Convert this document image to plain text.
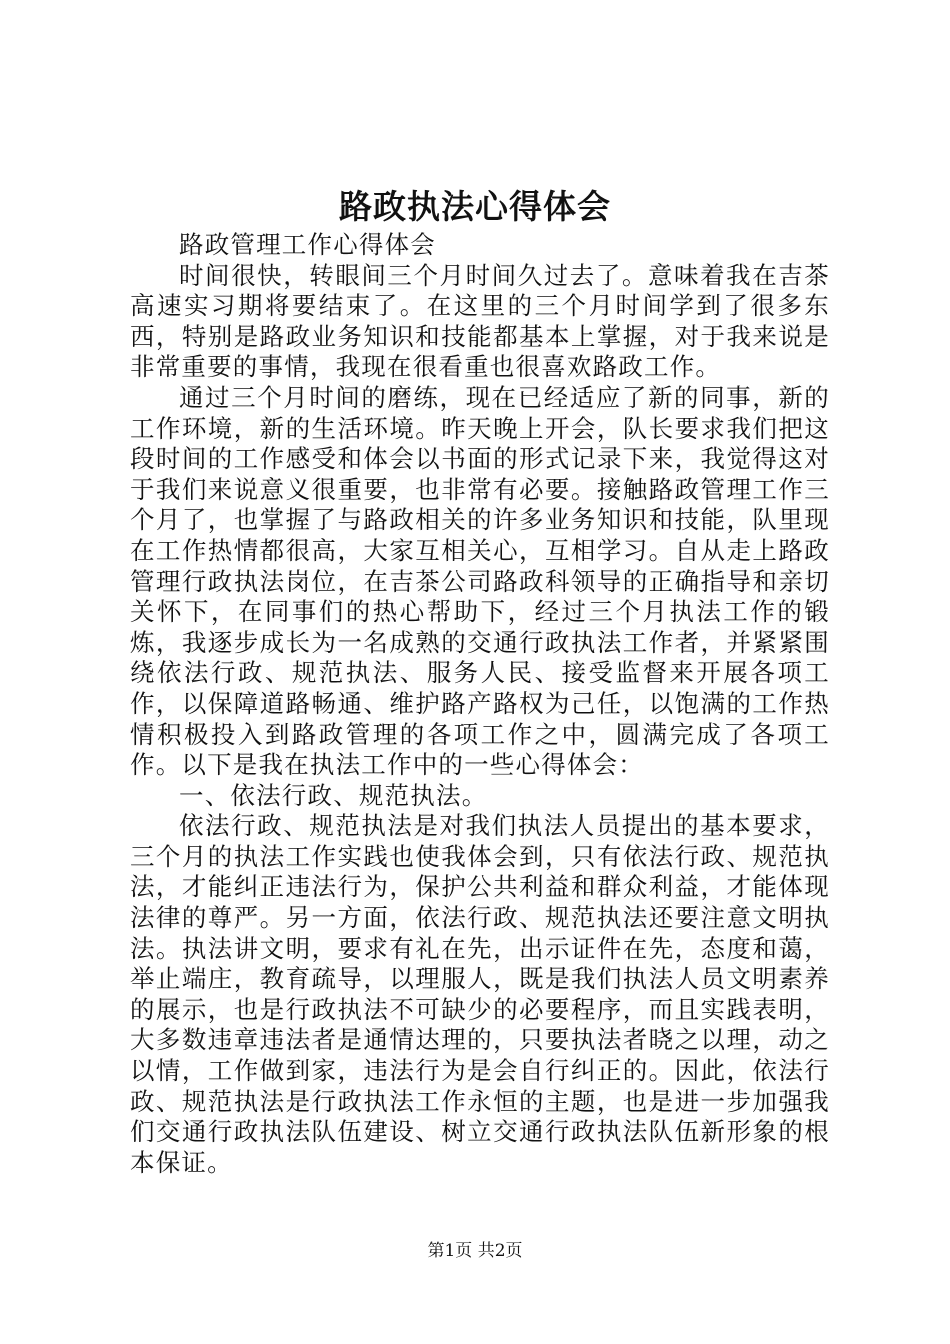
路政执法心得体会

路政管理工作心得体会

时间很快，转眼间三个月时间久过去了。意味着我在吉茶高速实习期将要结束了。在这里的三个月时间学到了很多东西，特别是路政业务知识和技能都基本上掌握，对于我来说是非常重要的事情，我现在很看重也很喜欢路政工作。

通过三个月时间的磨练，现在已经适应了新的同事，新的工作环境，新的生活环境。昨天晚上开会，队长要求我们把这段时间的工作感受和体会以书面的形式记录下来，我觉得这对于我们来说意义很重要，也非常有必要。接触路政管理工作三个月了，也掌握了与路政相关的许多业务知识和技能，队里现在工作热情都很高，大家互相关心，互相学习。自从走上路政管理行政执法岗位，在吉茶公司路政科领导的正确指导和亲切关怀下，在同事们的热心帮助下，经过三个月执法工作的锻炼，我逐步成长为一名成熟的交通行政执法工作者，并紧紧围绕依法行政、规范执法、服务人民、接受监督来开展各项工作，以保障道路畅通、维护路产路权为己任，以饱满的工作热情积极投入到路政管理的各项工作之中，圆满完成了各项工作。以下是我在执法工作中的一些心得体会：

一、依法行政、规范执法。

依法行政、规范执法是对我们执法人员提出的基本要求，三个月的执法工作实践也使我体会到，只有依法行政、规范执法，才能纠正违法行为，保护公共利益和群众利益，才能体现法律的尊严。另一方面，依法行政、规范执法还要注意文明执法。执法讲文明，要求有礼在先，出示证件在先，态度和蔼，举止端庄，教育疏导，以理服人，既是我们执法人员文明素养的展示，也是行政执法不可缺少的必要程序，而且实践表明，大多数违章违法者是通情达理的，只要执法者晓之以理，动之以情，工作做到家，违法行为是会自行纠正的。因此，依法行政、规范执法是行政执法工作永恒的主题，也是进一步加强我们交通行政执法队伍建设、树立交通行政执法队伍新形象的根本保证。

第1页 共2页
